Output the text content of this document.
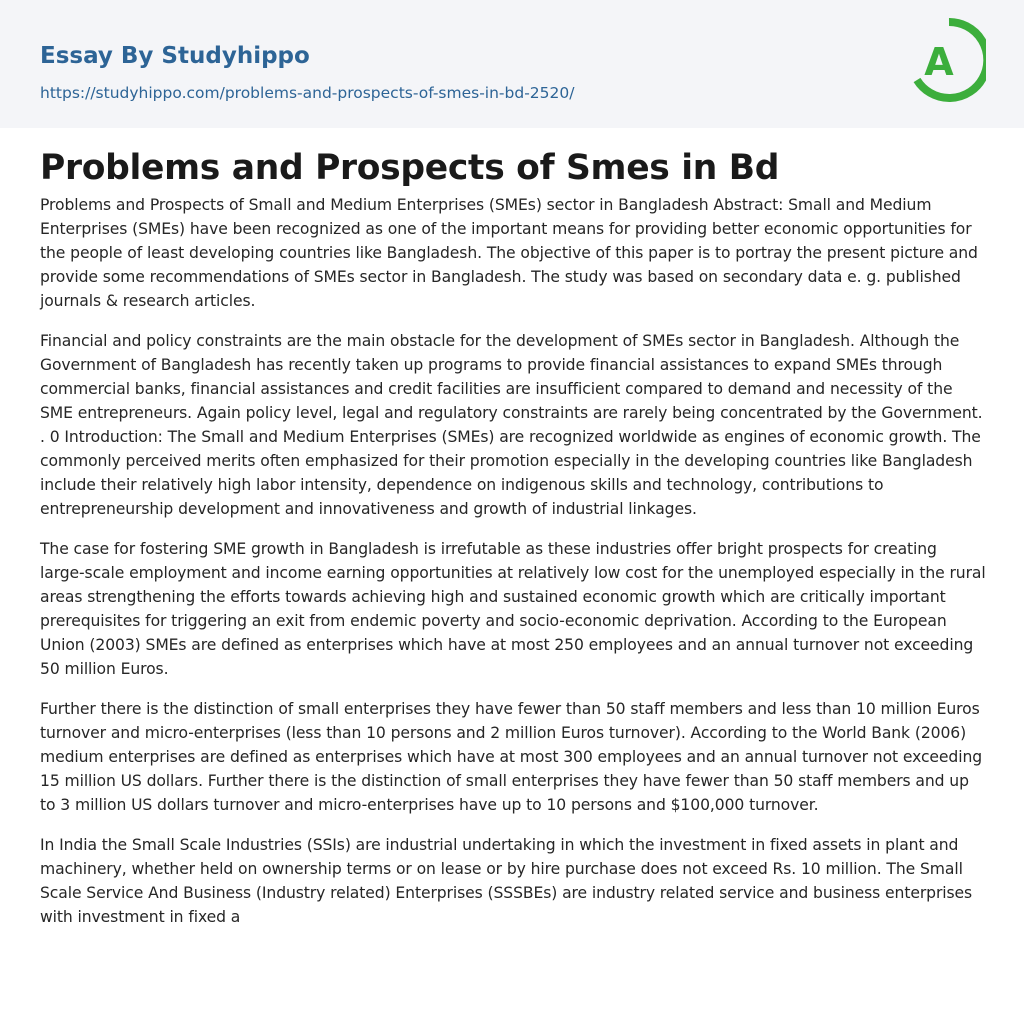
Essay By Studyhippo
https://studyhippo.com/problems-and-prospects-of-smes-in-bd-2520/
A
Problems and Prospects of Smes in Bd

Problems and Prospects of Small and Medium Enterprises (SMEs) sector in Bangladesh Abstract: Small and Medium Enterprises (SMEs) have been recognized as one of the important means for providing better economic opportunities for the people of least developing countries like Bangladesh. The objective of this paper is to portray the present picture and provide some recommendations of SMEs sector in Bangladesh. The study was based on secondary data e. g. published journals & research articles.

Financial and policy constraints are the main obstacle for the development of SMEs sector in Bangladesh. Although the Government of Bangladesh has recently taken up programs to provide financial assistances to expand SMEs through commercial banks, financial assistances and credit facilities are insufficient compared to demand and necessity of the SME entrepreneurs. Again policy level, legal and regulatory constraints are rarely being concentrated by the Government. . 0 Introduction: The Small and Medium Enterprises (SMEs) are recognized worldwide as engines of economic growth. The commonly perceived merits often emphasized for their promotion especially in the developing countries like Bangladesh include their relatively high labor intensity, dependence on indigenous skills and technology, contributions to entrepreneurship development and innovativeness and growth of industrial linkages.

The case for fostering SME growth in Bangladesh is irrefutable as these industries offer bright prospects for creating large-scale employment and income earning opportunities at relatively low cost for the unemployed especially in the rural areas strengthening the efforts towards achieving high and sustained economic growth which are critically important prerequisites for triggering an exit from endemic poverty and socio-economic deprivation. According to the European Union (2003) SMEs are defined as enterprises which have at most 250 employees and an annual turnover not exceeding 50 million Euros.

Further there is the distinction of small enterprises they have fewer than 50 staff members and less than 10 million Euros turnover and micro-enterprises (less than 10 persons and 2 million Euros turnover). According to the World Bank (2006) medium enterprises are defined as enterprises which have at most 300 employees and an annual turnover not exceeding 15 million US dollars. Further there is the distinction of small enterprises they have fewer than 50 staff members and up to 3 million US dollars turnover and micro-enterprises have up to 10 persons and $100,000 turnover.

In India the Small Scale Industries (SSIs) are industrial undertaking in which the investment in fixed assets in plant and machinery, whether held on ownership terms or on lease or by hire purchase does not exceed Rs. 10 million. The Small Scale Service And Business (Industry related) Enterprises (SSSBEs) are industry related service and business enterprises with investment in fixed a
